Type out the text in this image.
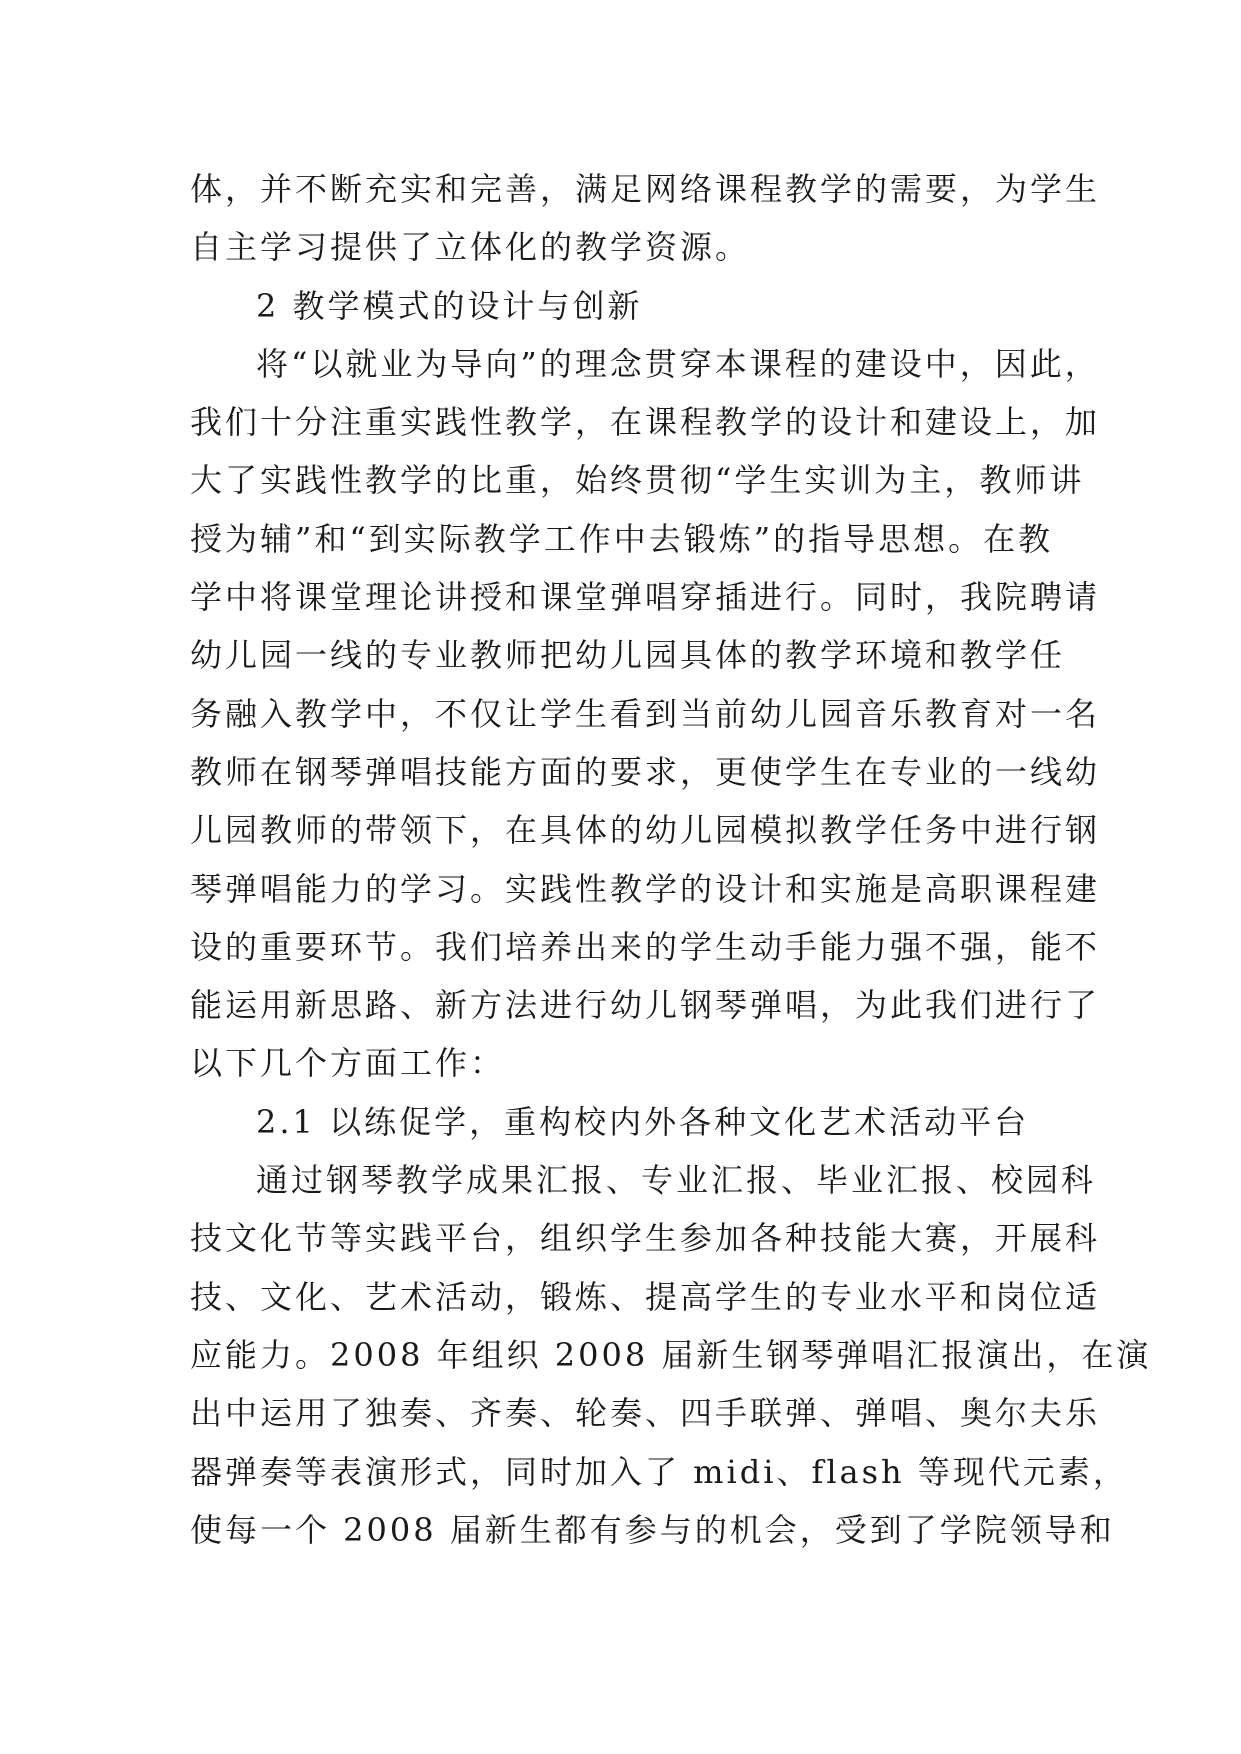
体，并不断充实和完善，满足网络课程教学的需要，为学生
自主学习提供了立体化的教学资源。
2 教学模式的设计与创新
将“以就业为导向”的理念贯穿本课程的建设中，因此，
我们十分注重实践性教学，在课程教学的设计和建设上，加
大了实践性教学的比重，始终贯彻“学生实训为主，教师讲
授为辅”和“到实际教学工作中去锻炼”的指导思想。在教
学中将课堂理论讲授和课堂弹唱穿插进行。同时，我院聘请
幼儿园一线的专业教师把幼儿园具体的教学环境和教学任
务融入教学中，不仅让学生看到当前幼儿园音乐教育对一名
教师在钢琴弹唱技能方面的要求，更使学生在专业的一线幼
儿园教师的带领下，在具体的幼儿园模拟教学任务中进行钢
琴弹唱能力的学习。实践性教学的设计和实施是高职课程建
设的重要环节。我们培养出来的学生动手能力强不强，能不
能运用新思路、新方法进行幼儿钢琴弹唱，为此我们进行了
以下几个方面工作：
2.1 以练促学，重构校内外各种文化艺术活动平台
通过钢琴教学成果汇报、专业汇报、毕业汇报、校园科
技文化节等实践平台，组织学生参加各种技能大赛，开展科
技、文化、艺术活动，锻炼、提高学生的专业水平和岗位适
应能力。2008 年组织 2008 届新生钢琴弹唱汇报演出，在演
出中运用了独奏、齐奏、轮奏、四手联弹、弹唱、奥尔夫乐
器弹奏等表演形式，同时加入了 midi、flash 等现代元素，
使每一个 2008 届新生都有参与的机会，受到了学院领导和
